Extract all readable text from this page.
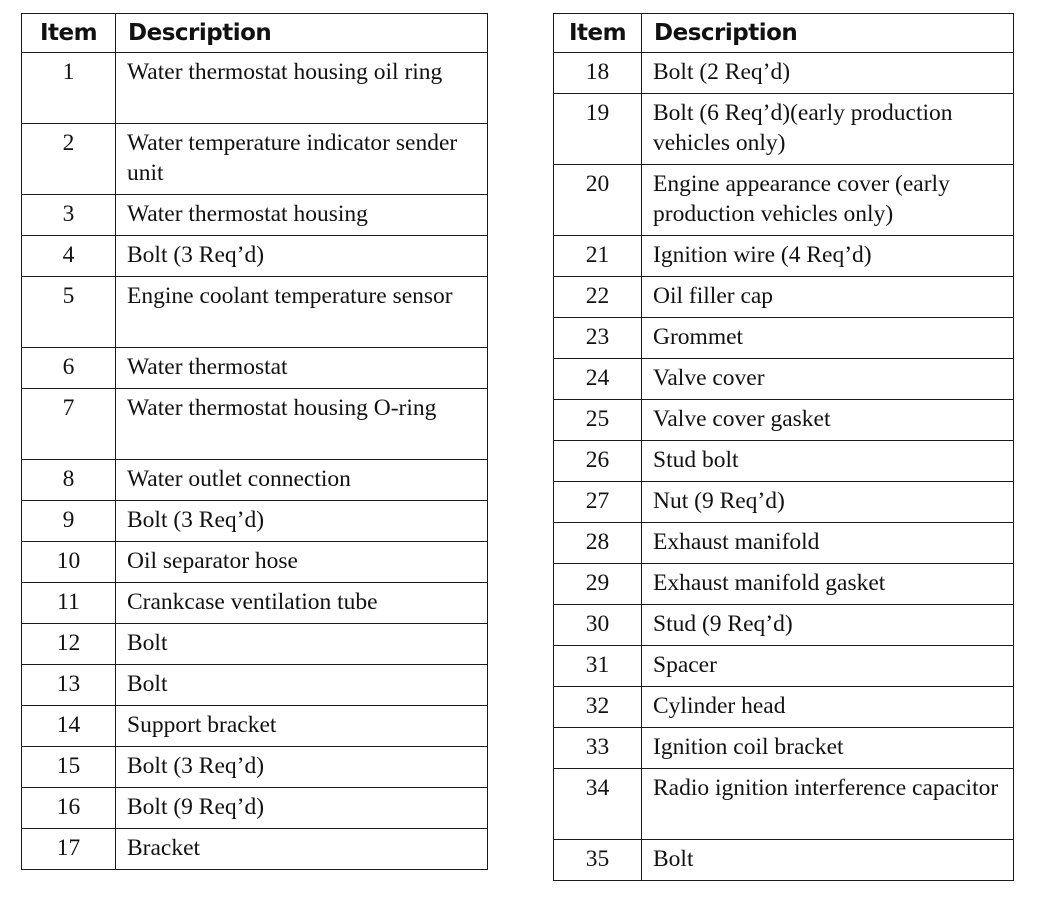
Item	Description
1	Water thermostat housing oil ring
2	Water temperature indicator sender unit
3	Water thermostat housing
4	Bolt (3 Req’d)
5	Engine coolant temperature sensor
6	Water thermostat
7	Water thermostat housing O-ring
8	Water outlet connection
9	Bolt (3 Req’d)
10	Oil separator hose
11	Crankcase ventilation tube
12	Bolt
13	Bolt
14	Support bracket
15	Bolt (3 Req’d)
16	Bolt (9 Req’d)
17	Bracket
Item	Description
18	Bolt (2 Req’d)
19	Bolt (6 Req’d)(early production vehicles only)
20	Engine appearance cover (early production vehicles only)
21	Ignition wire (4 Req’d)
22	Oil filler cap
23	Grommet
24	Valve cover
25	Valve cover gasket
26	Stud bolt
27	Nut (9 Req’d)
28	Exhaust manifold
29	Exhaust manifold gasket
30	Stud (9 Req’d)
31	Spacer
32	Cylinder head
33	Ignition coil bracket
34	Radio ignition interference capacitor
35	Bolt
